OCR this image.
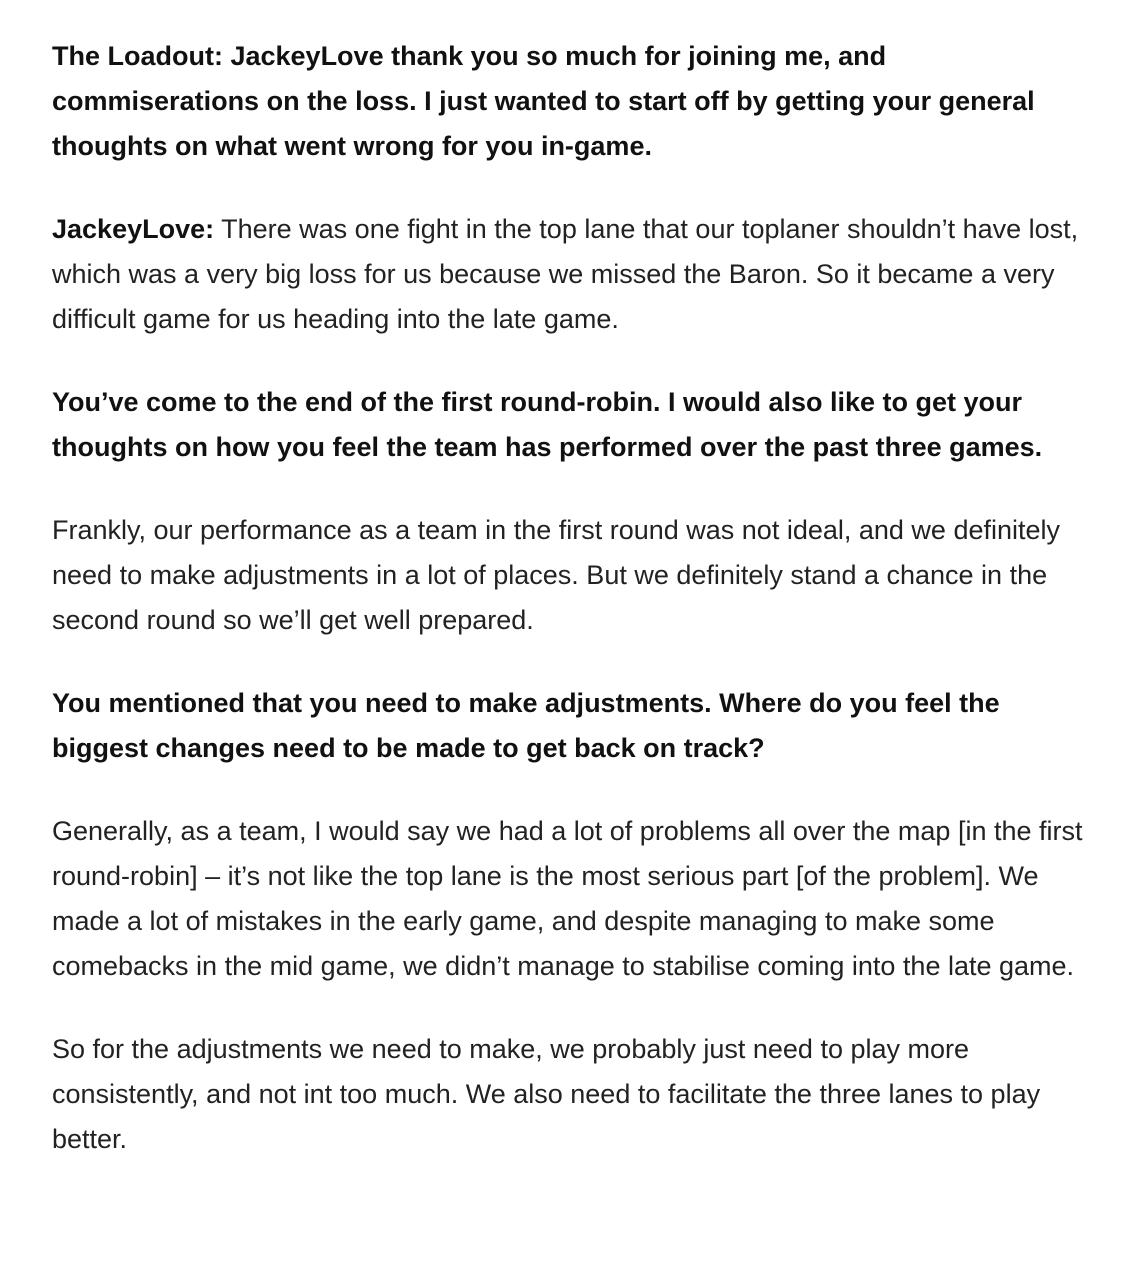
The Loadout: JackeyLove thank you so much for joining me, and commiserations on the loss. I just wanted to start off by getting your general thoughts on what went wrong for you in-game.

JackeyLove: There was one fight in the top lane that our toplaner shouldn’t have lost, which was a very big loss for us because we missed the Baron. So it became a very difficult game for us heading into the late game.

You’ve come to the end of the first round-robin. I would also like to get your thoughts on how you feel the team has performed over the past three games.

Frankly, our performance as a team in the first round was not ideal, and we definitely need to make adjustments in a lot of places. But we definitely stand a chance in the second round so we’ll get well prepared.

You mentioned that you need to make adjustments. Where do you feel the biggest changes need to be made to get back on track?

Generally, as a team, I would say we had a lot of problems all over the map [in the first round-robin] – it’s not like the top lane is the most serious part [of the problem]. We made a lot of mistakes in the early game, and despite managing to make some comebacks in the mid game, we didn’t manage to stabilise coming into the late game.

So for the adjustments we need to make, we probably just need to play more consistently, and not int too much. We also need to facilitate the three lanes to play better.
